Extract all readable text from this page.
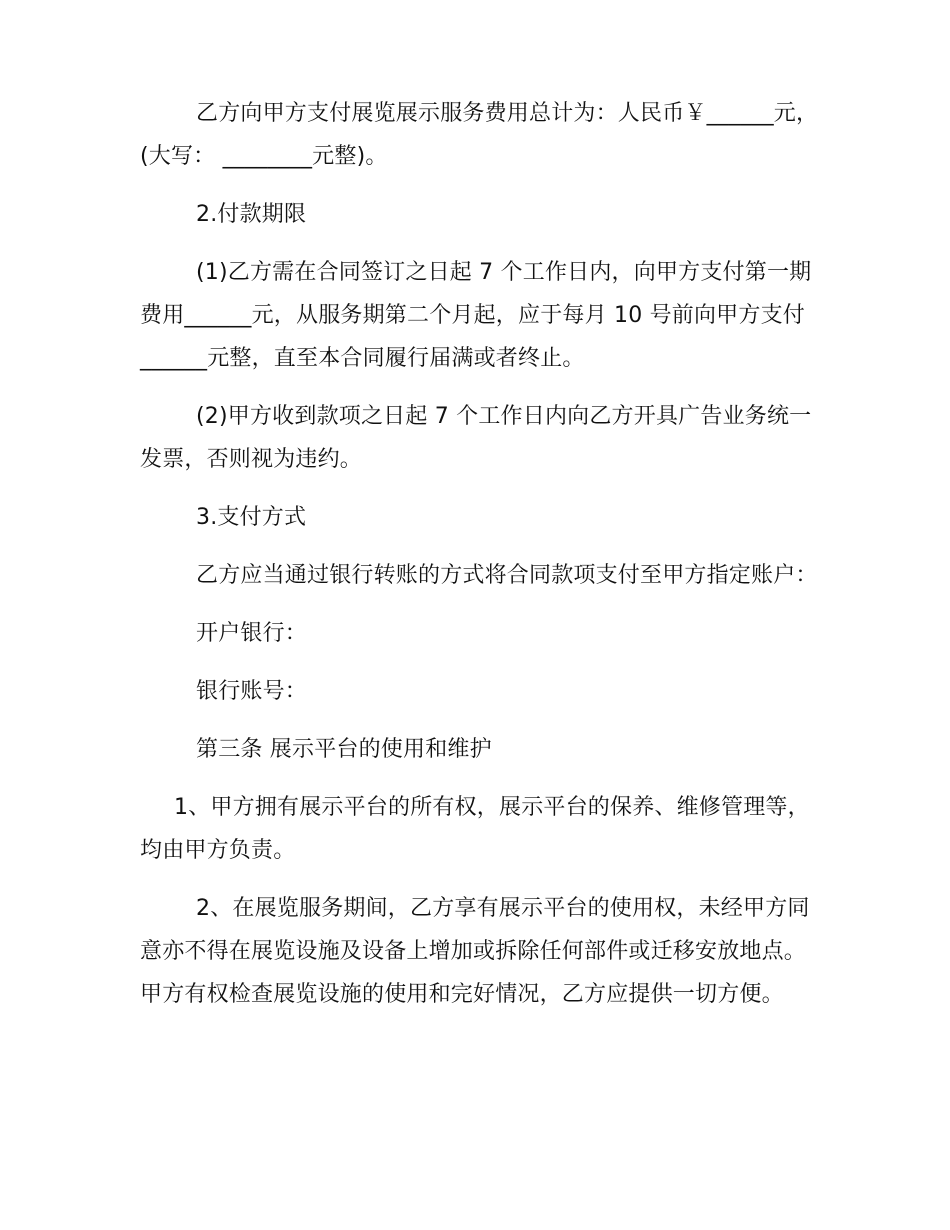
乙方向甲方支付展览展示服务费用总计为：人民币￥______元，
(大写： ________元整)。
2.付款期限
(1)乙方需在合同签订之日起 7 个工作日内，向甲方支付第一期
费用______元，从服务期第二个月起，应于每月 10 号前向甲方支付
______元整，直至本合同履行届满或者终止。
(2)甲方收到款项之日起 7 个工作日内向乙方开具广告业务统一
发票，否则视为违约。
3.支付方式
乙方应当通过银行转账的方式将合同款项支付至甲方指定账户：
开户银行：
银行账号：
第三条 展示平台的使用和维护
1、甲方拥有展示平台的所有权，展示平台的保养、维修管理等，
均由甲方负责。
2、在展览服务期间，乙方享有展示平台的使用权，未经甲方同
意亦不得在展览设施及设备上增加或拆除任何部件或迁移安放地点。
甲方有权检查展览设施的使用和完好情况，乙方应提供一切方便。
